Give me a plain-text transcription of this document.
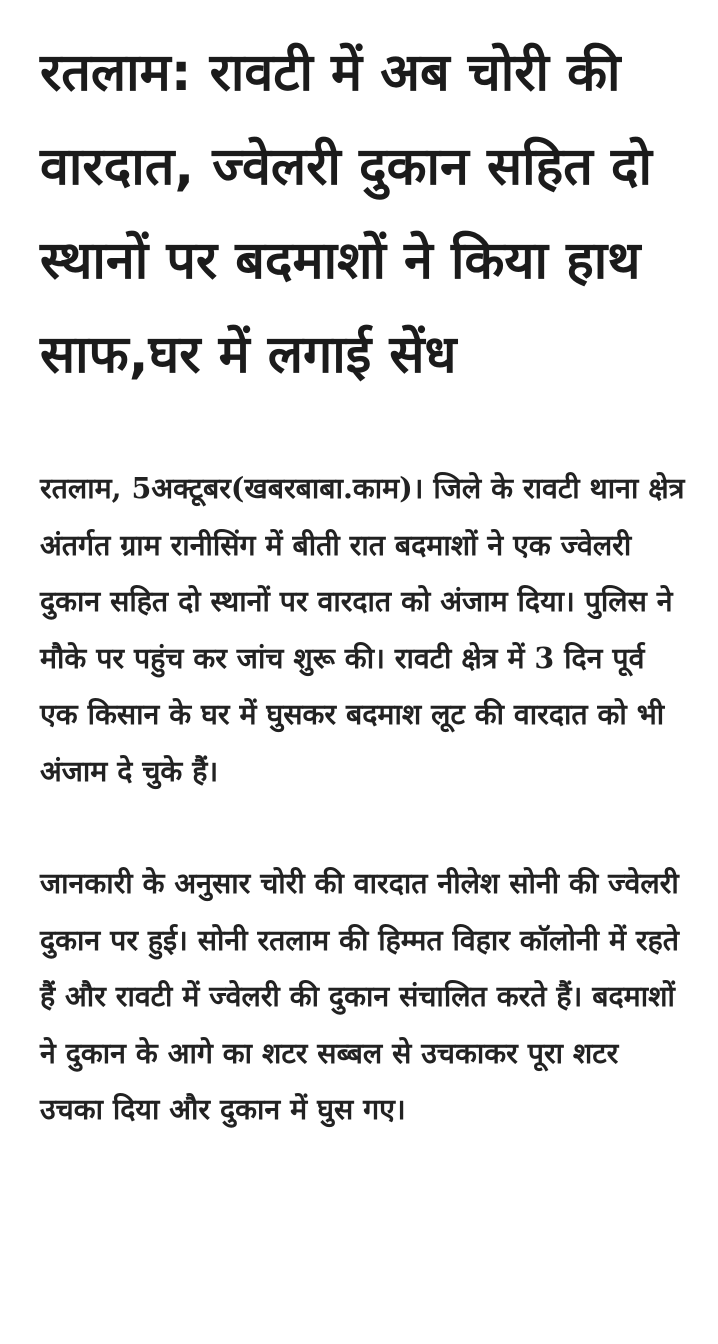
रतलाम: रावटी में अब चोरी की वारदात, ज्वेलरी दुकान सहित दो स्थानों पर बदमाशों ने किया हाथ साफ,घर में लगाई सेंध

रतलाम, 5अक्टूबर(खबरबाबा.काम)। जिले के रावटी थाना क्षेत्र अंतर्गत ग्राम रानीसिंग में बीती रात बदमाशों ने एक ज्वेलरी दुकान सहित दो स्थानों पर वारदात को अंजाम दिया। पुलिस ने मौके पर पहुंच कर जांच शुरू की। रावटी क्षेत्र में 3 दिन पूर्व एक किसान के घर में घुसकर बदमाश लूट की वारदात को भी अंजाम दे चुके हैं।

जानकारी के अनुसार चोरी की वारदात नीलेश सोनी की ज्वेलरी दुकान पर हुई। सोनी रतलाम की हिम्मत विहार कॉलोनी में रहते हैं और रावटी में ज्वेलरी की दुकान संचालित करते हैं। बदमाशों ने दुकान के आगे का शटर सब्बल से उचकाकर पूरा शटर उचका दिया और दुकान में घुस गए।
